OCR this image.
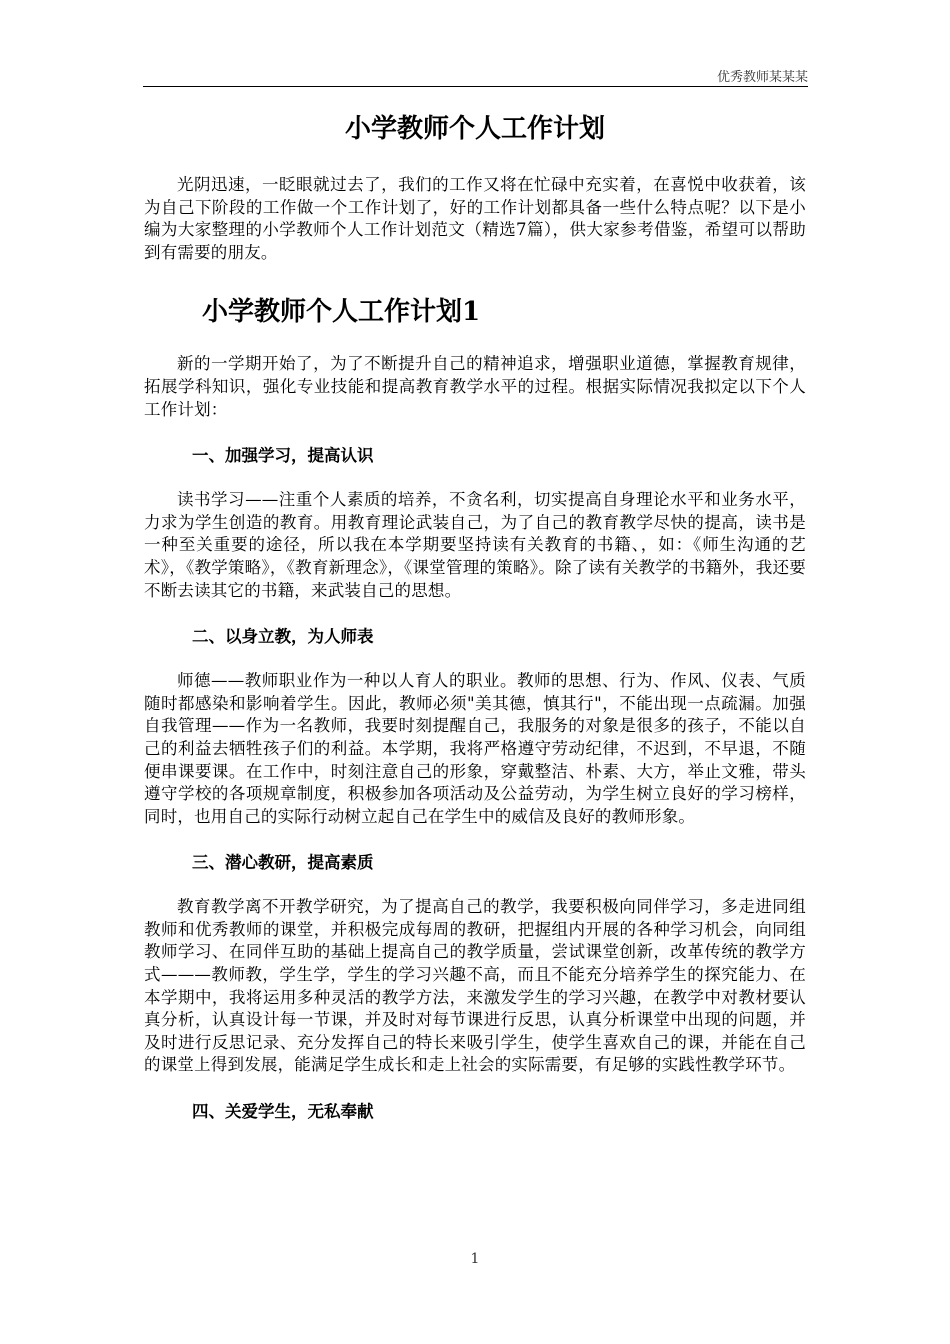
优秀教师某某某
小学教师个人工作计划

光阴迅速，一眨眼就过去了，我们的工作又将在忙碌中充实着，在喜悦中收获着，该为自己下阶段的工作做一个工作计划了，好的工作计划都具备一些什么特点呢？以下是小编为大家整理的小学教师个人工作计划范文（精选7篇），供大家参考借鉴，希望可以帮助到有需要的朋友。

小学教师个人工作计划1

新的一学期开始了，为了不断提升自己的精神追求，增强职业道德，掌握教育规律，拓展学科知识，强化专业技能和提高教育教学水平的过程。根据实际情况我拟定以下个人工作计划：

一、加强学习，提高认识

读书学习——注重个人素质的培养，不贪名利，切实提高自身理论水平和业务水平，力求为学生创造的教育。用教育理论武装自己，为了自己的教育教学尽快的提高，读书是一种至关重要的途径，所以我在本学期要坚持读有关教育的书籍、，如：《师生沟通的艺术》，《教学策略》，《教育新理念》，《课堂管理的策略》。除了读有关教学的书籍外，我还要不断去读其它的书籍，来武装自己的思想。

二、以身立教，为人师表

师德——教师职业作为一种以人育人的职业。教师的思想、行为、作风、仪表、气质随时都感染和影响着学生。因此，教师必须"美其德，慎其行"，不能出现一点疏漏。加强自我管理——作为一名教师，我要时刻提醒自己，我服务的对象是很多的孩子，不能以自己的利益去牺牲孩子们的利益。本学期，我将严格遵守劳动纪律，不迟到，不早退，不随便串课要课。在工作中，时刻注意自己的形象，穿戴整洁、朴素、大方，举止文雅，带头遵守学校的各项规章制度，积极参加各项活动及公益劳动，为学生树立良好的学习榜样，同时，也用自己的实际行动树立起自己在学生中的威信及良好的教师形象。

三、潜心教研，提高素质

教育教学离不开教学研究，为了提高自己的教学，我要积极向同伴学习，多走进同组教师和优秀教师的课堂，并积极完成每周的教研，把握组内开展的各种学习机会，向同组教师学习、在同伴互助的基础上提高自己的教学质量，尝试课堂创新，改革传统的教学方式———教师教，学生学，学生的学习兴趣不高，而且不能充分培养学生的探究能力、在本学期中，我将运用多种灵活的教学方法，来激发学生的学习兴趣，在教学中对教材要认真分析，认真设计每一节课，并及时对每节课进行反思，认真分析课堂中出现的问题，并及时进行反思记录、充分发挥自己的特长来吸引学生，使学生喜欢自己的课，并能在自己的课堂上得到发展，能满足学生成长和走上社会的实际需要，有足够的实践性教学环节。

四、关爱学生，无私奉献
1
